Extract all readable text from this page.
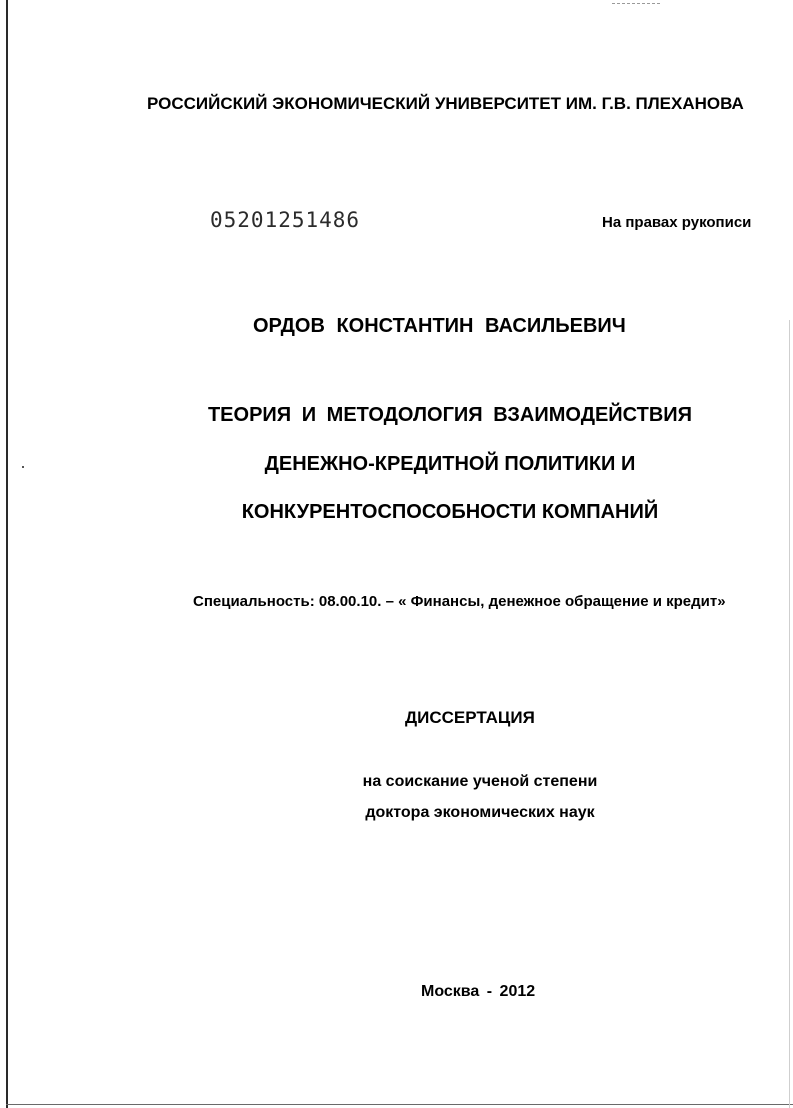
РОССИЙСКИЙ ЭКОНОМИЧЕСКИЙ УНИВЕРСИТЕТ ИМ. Г.В. ПЛЕХАНОВА
05201251486	На правах рукописи
ОРДОВ КОНСТАНТИН ВАСИЛЬЕВИЧ
ТЕОРИЯ И МЕТОДОЛОГИЯ ВЗАИМОДЕЙСТВИЯ
ДЕНЕЖНО-КРЕДИТНОЙ ПОЛИТИКИ И
КОНКУРЕНТОСПОСОБНОСТИ КОМПАНИЙ
Специальность: 08.00.10. – « Финансы, денежное обращение и кредит»
ДИССЕРТАЦИЯ
на соискание ученой степени
доктора экономических наук
Москва - 2012
